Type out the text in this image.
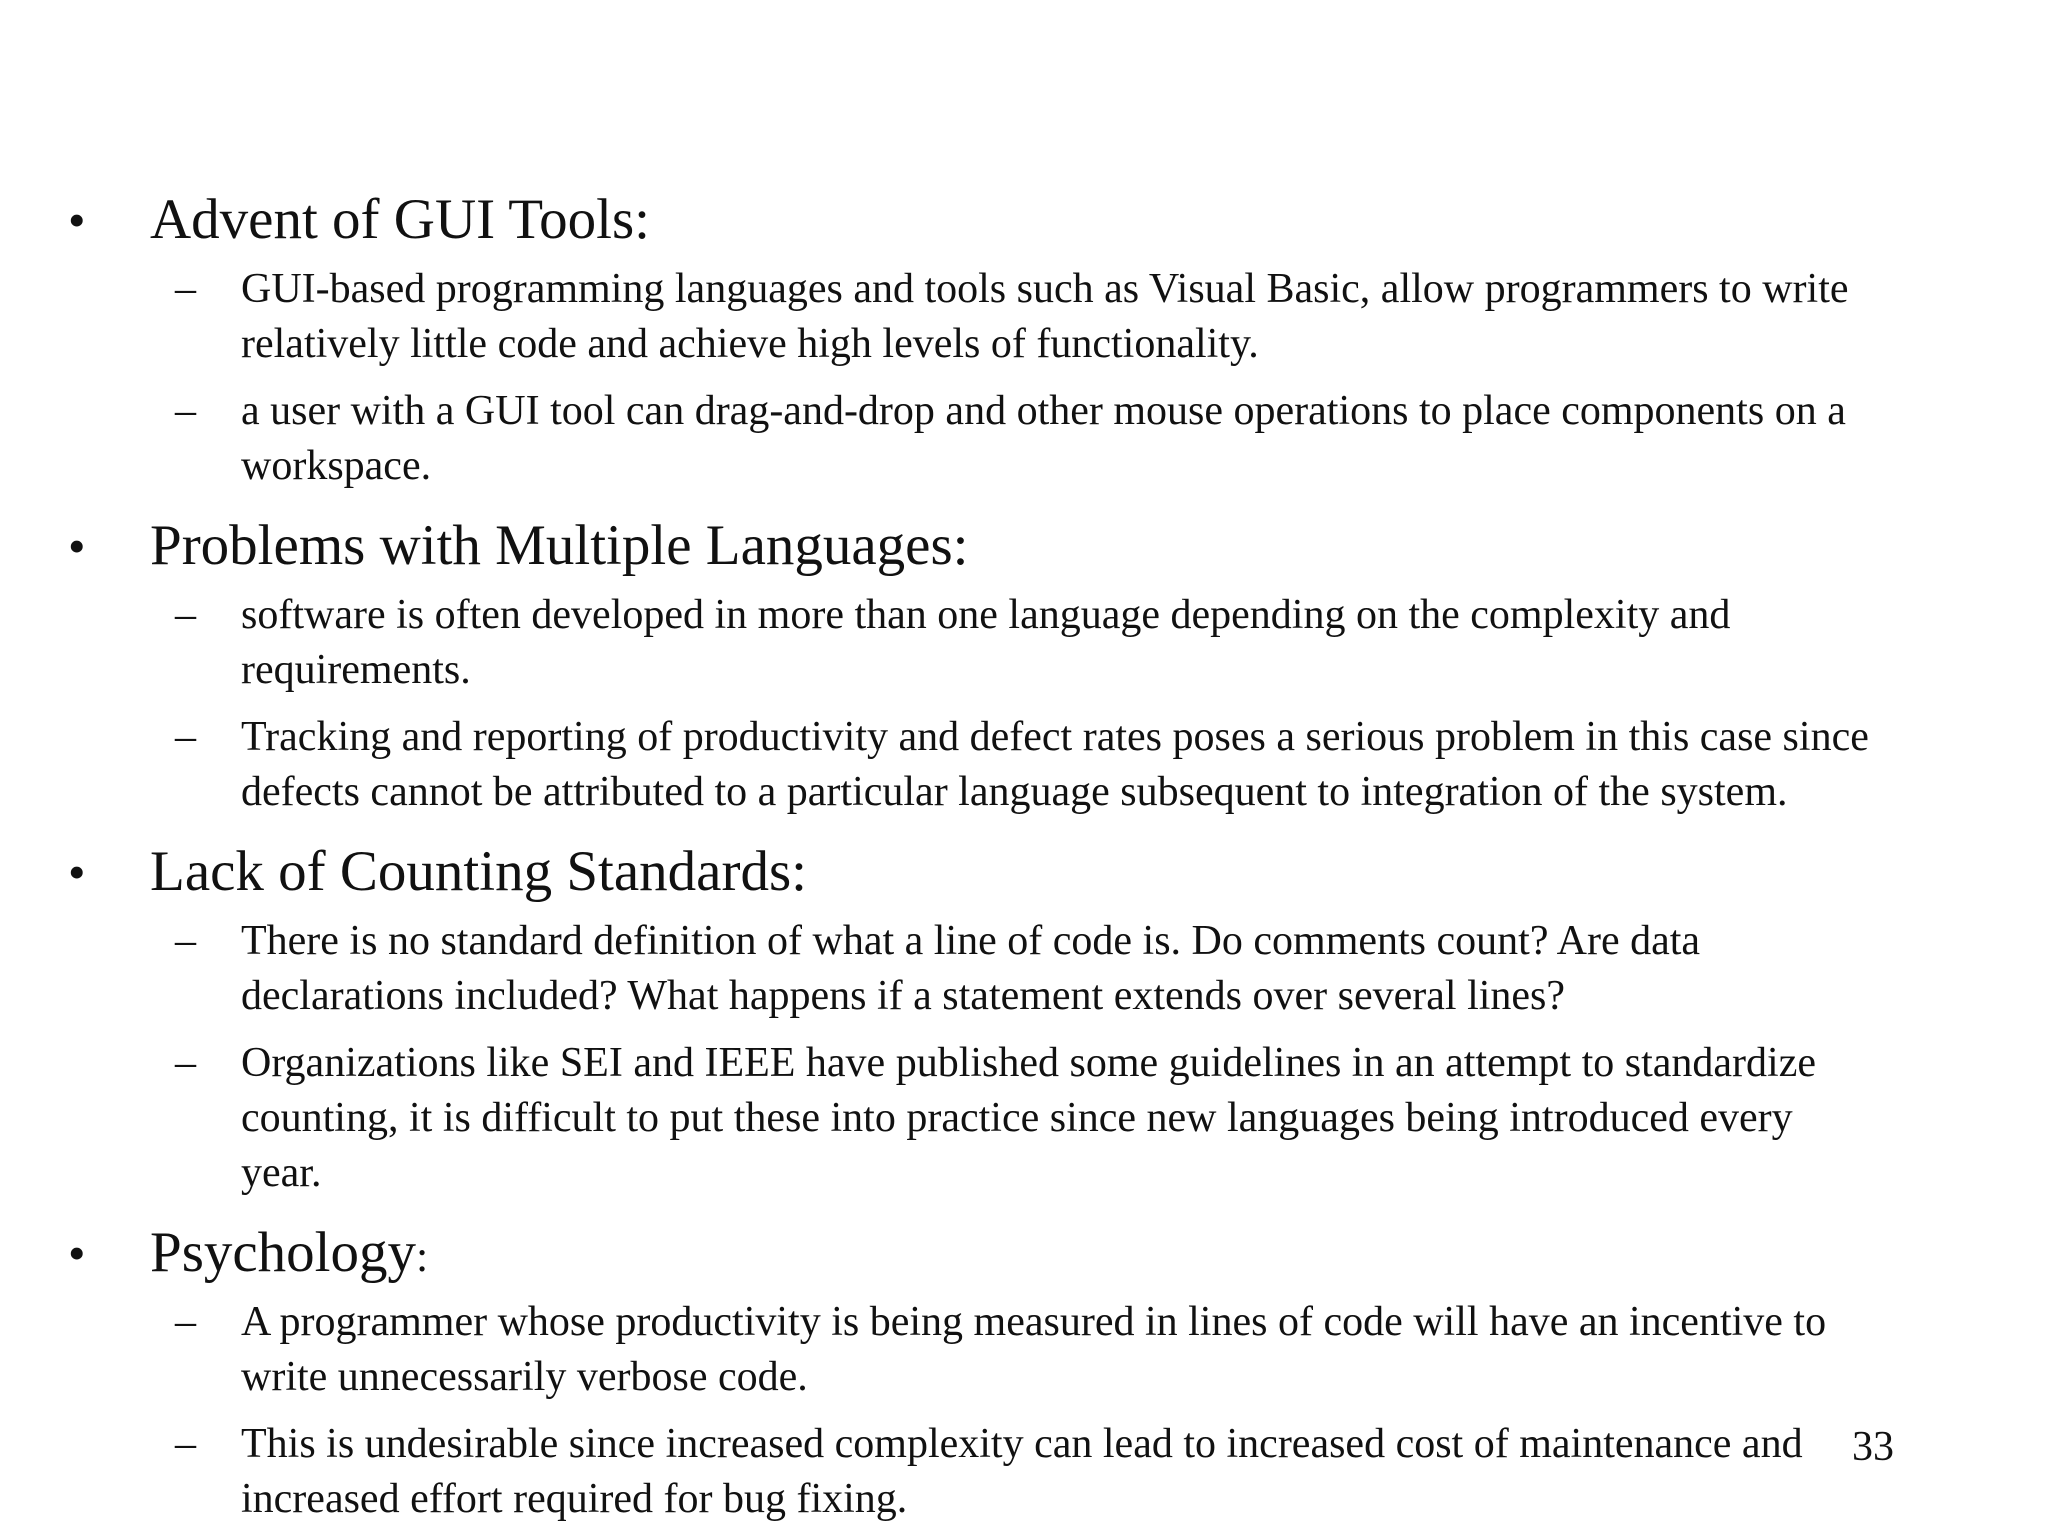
• Advent of GUI Tools:
– GUI-based programming languages and tools such as Visual Basic, allow programmers to write
relatively little code and achieve high levels of functionality.
– a user with a GUI tool can drag-and-drop and other mouse operations to place components on a
workspace.
• Problems with Multiple Languages:
– software is often developed in more than one language depending on the complexity and
requirements.
– Tracking and reporting of productivity and defect rates poses a serious problem in this case since
defects cannot be attributed to a particular language subsequent to integration of the system.
• Lack of Counting Standards:
– There is no standard definition of what a line of code is. Do comments count? Are data
declarations included? What happens if a statement extends over several lines?
– Organizations like SEI and IEEE have published some guidelines in an attempt to standardize
counting, it is difficult to put these into practice since new languages being introduced every
year.
• Psychology:
– A programmer whose productivity is being measured in lines of code will have an incentive to
write unnecessarily verbose code.
– This is undesirable since increased complexity can lead to increased cost of maintenance and
increased effort required for bug fixing.
33
